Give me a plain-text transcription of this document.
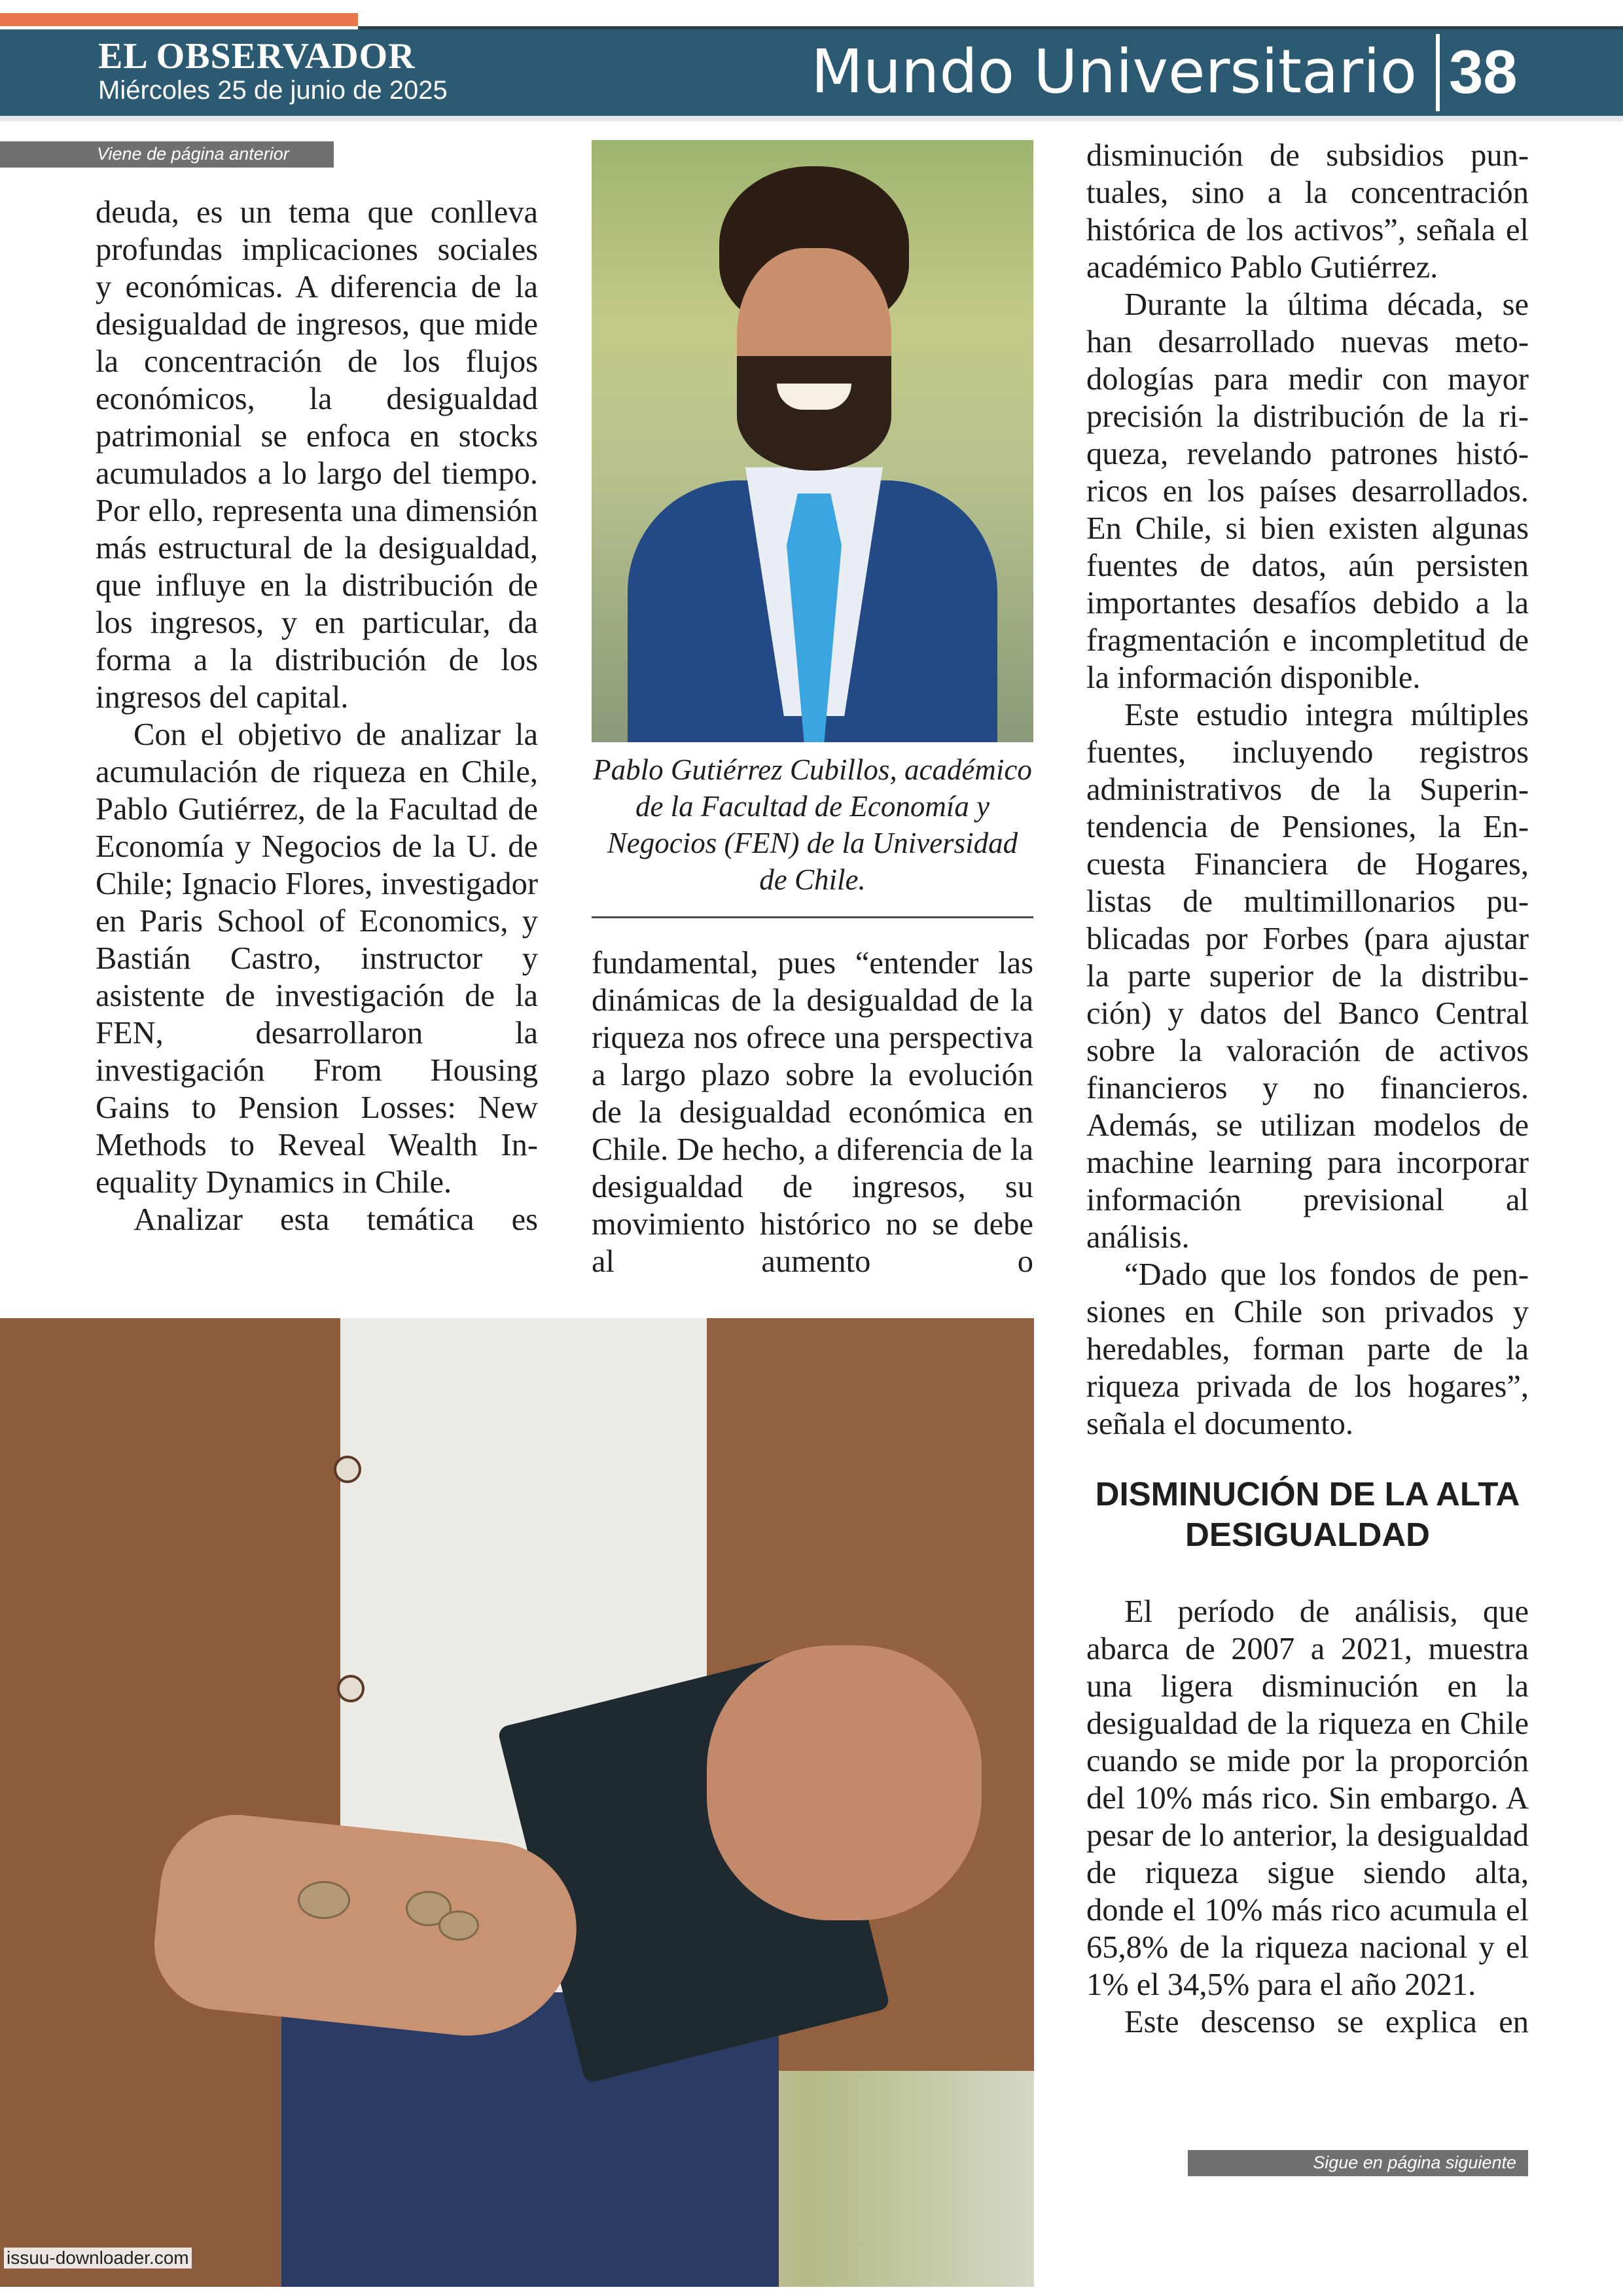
EL OBSERVADOR
Miércoles 25 de junio de 2025	Mundo Universitario 38
Viene de página anterior

deuda, es un tema que conlleva profundas implicaciones sociales y económicas. A diferencia de la desigualdad de ingresos, que mide la concentración de los flujos económicos, la desigualdad patrimonial se enfoca en stocks acumulados a lo largo del tiempo. Por ello, representa una dimensión más estructural de la desigualdad, que influye en la distribución de los ingresos, y en particular, da forma a la distribución de los ingresos del capital.

Con el objetivo de analizar la acumulación de riqueza en Chile, Pablo Gutiérrez, de la Facultad de Economía y Negocios de la U. de Chile; Ignacio Flores, investigador en Paris School of Economics, y Bastián Castro, instructor y asistente de investigación de la FEN, desarrollaron la investigación From Housing Gains to Pension Losses: New Methods to Reveal Wealth Inequality Dynamics in Chile.

Analizar esta temática es

Pablo Gutiérrez Cubillos, académico de la Facultad de Economía y Negocios (FEN) de la Universidad de Chile.

fundamental, pues “entender las dinámicas de la desigualdad de la riqueza nos ofrece una perspectiva a largo plazo sobre la evolución de la desigualdad económica en Chile. De hecho, a diferencia de la desigualdad de ingresos, su movimiento histórico no se debe al aumento o

disminución de subsidios puntuales, sino a la concentración histórica de los activos”, señala el académico Pablo Gutiérrez.

Durante la última década, se han desarrollado nuevas metodologías para medir con mayor precisión la distribución de la riqueza, revelando patrones históricos en los países desarrollados. En Chile, si bien existen algunas fuentes de datos, aún persisten importantes desafíos debido a la fragmentación e incompletitud de la información disponible.

Este estudio integra múltiples fuentes, incluyendo registros administrativos de la Superintendencia de Pensiones, la Encuesta Financiera de Hogares, listas de multimillonarios publicadas por Forbes (para ajustar la parte superior de la distribución) y datos del Banco Central sobre la valoración de activos financieros y no financieros. Además, se utilizan modelos de machine learning para incorporar información previsional al análisis.

“Dado que los fondos de pensiones en Chile son privados y heredables, forman parte de la riqueza privada de los hogares”, señala el documento.

DISMINUCIÓN DE LA ALTA DESIGUALDAD

El período de análisis, que abarca de 2007 a 2021, muestra una ligera disminución en la desigualdad de la riqueza en Chile cuando se mide por la proporción del 10% más rico. Sin embargo. A pesar de lo anterior, la desigualdad de riqueza sigue siendo alta, donde el 10% más rico acumula el 65,8% de la riqueza nacional y el 1% el 34,5% para el año 2021.

Este descenso se explica en

Sigue en página siguiente
issuu-downloader.com
